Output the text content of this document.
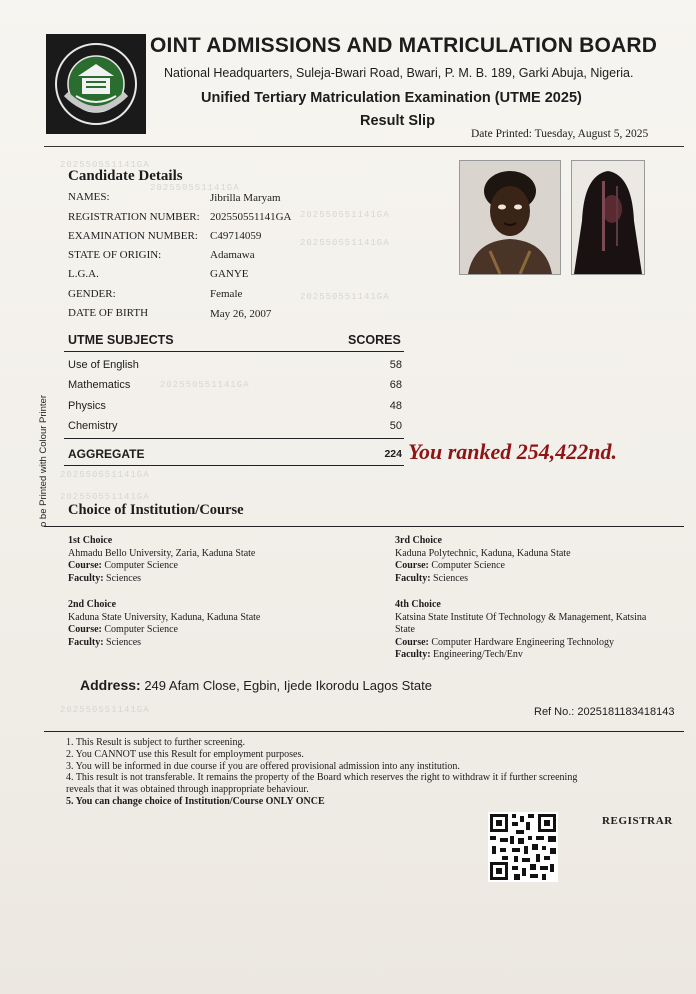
202550551141GA
202550551141GA
202550551141GA
202550551141GA
202550551141GA
202550551141GA
202550551141GA
202550551141GA
202550551141GA
OINT ADMISSIONS AND MATRICULATION BOARD
National Headquarters, Suleja-Bwari Road, Bwari, P. M. B. 189, Garki Abuja, Nigeria.
Unified Tertiary Matriculation Examination (UTME 2025)
Result Slip
Date Printed: Tuesday, August 5, 2025
Candidate Details
NAMES:	Jibrilla Maryam
REGISTRATION NUMBER: 202550551141GA
EXAMINATION NUMBER: C49714059
STATE OF ORIGIN:	Adamawa
L.G.A.	GANYE
GENDER:	Female
DATE OF BIRTH	May 26, 2007
UTME SUBJECTS	SCORES
Use of English	58
Mathematics	68
Physics	48
Chemistry	50
AGGREGATE	224 You ranked 254,422nd.
o be Printed with Colour Printer Choice of Institution/Course
1st Choice
Ahmadu Bello University, Zaria, Kaduna State
Course: Computer Science
Faculty: Sciences
3rd Choice
Kaduna Polytechnic, Kaduna, Kaduna State
Course: Computer Science
Faculty: Sciences
2nd Choice
Kaduna State University, Kaduna, Kaduna State
Course: Computer Science
Faculty: Sciences
4th Choice
Katsina State Institute Of Technology & Management, Katsina
State
Course: Computer Hardware Engineering Technology
Faculty: Engineering/Tech/Env
Address: 249 Afam Close, Egbin, Ijede Ikorodu Lagos State
Ref No.: 2025181183418143
1. This Result is subject to further screening.
2. You CANNOT use this Result for employment purposes.
3. You will be informed in due course if you are offered provisional admission into any institution.
4. This result is not transferable. It remains the property of the Board which reserves the right to withdraw it if further screening
reveals that it was obtained through inappropriate behaviour.
5. You can change choice of Institution/Course ONLY ONCE
REGISTRAR
